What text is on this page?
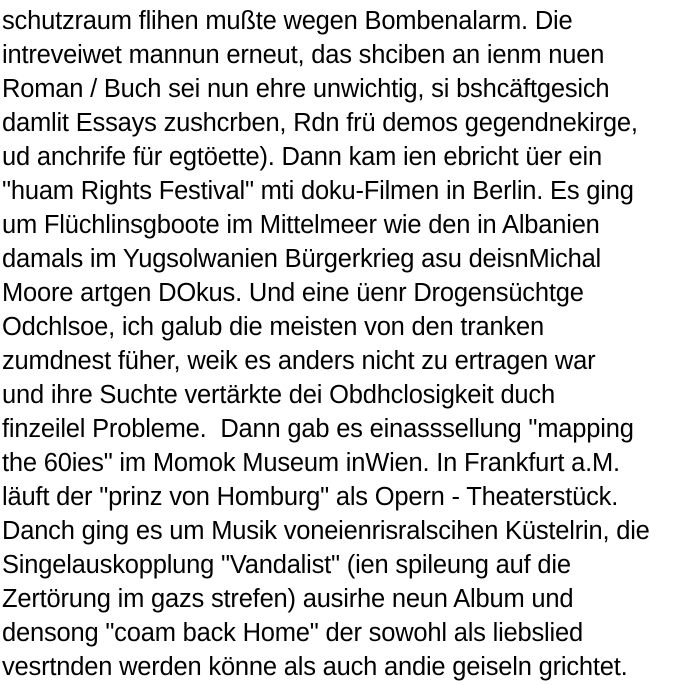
schutzraum flihen mußte wegen Bombenalarm. Die
intreveiwet mannun erneut, das shciben an ienm nuen
Roman / Buch sei nun ehre unwichtig, si bshcäftgesich
damlit Essays zushcrben, Rdn frü demos gegendnekirge,
ud anchrife für egtöette). Dann kam ien ebricht üer ein
"huam Rights Festival" mti doku-Filmen in Berlin. Es ging
um Flüchlinsgboote im Mittelmeer wie den in Albanien
damals im Yugsolwanien Bürgerkrieg asu deisnMichal
Moore artgen DOkus. Und eine üenr Drogensüchtge
Odchlsoe, ich galub die meisten von den tranken
zumdnest füher, weik es anders nicht zu ertragen war
und ihre Suchte vertärkte dei Obdhclosigkeit duch
finzeilel Probleme.  Dann gab es einasssellung "mapping
the 60ies" im Momok Museum inWien. In Frankfurt a.M.
läuft der "prinz von Homburg" als Opern - Theaterstück.
Danch ging es um Musik voneienrisralscihen Küstelrin, die
Singelauskopplung "Vandalist" (ien spileung auf die
Zertörung im gazs strefen) ausirhe neun Album und
densong "coam back Home" der sowohl als liebslied
vesrtnden werden könne als auch andie geiseln grichtet.
